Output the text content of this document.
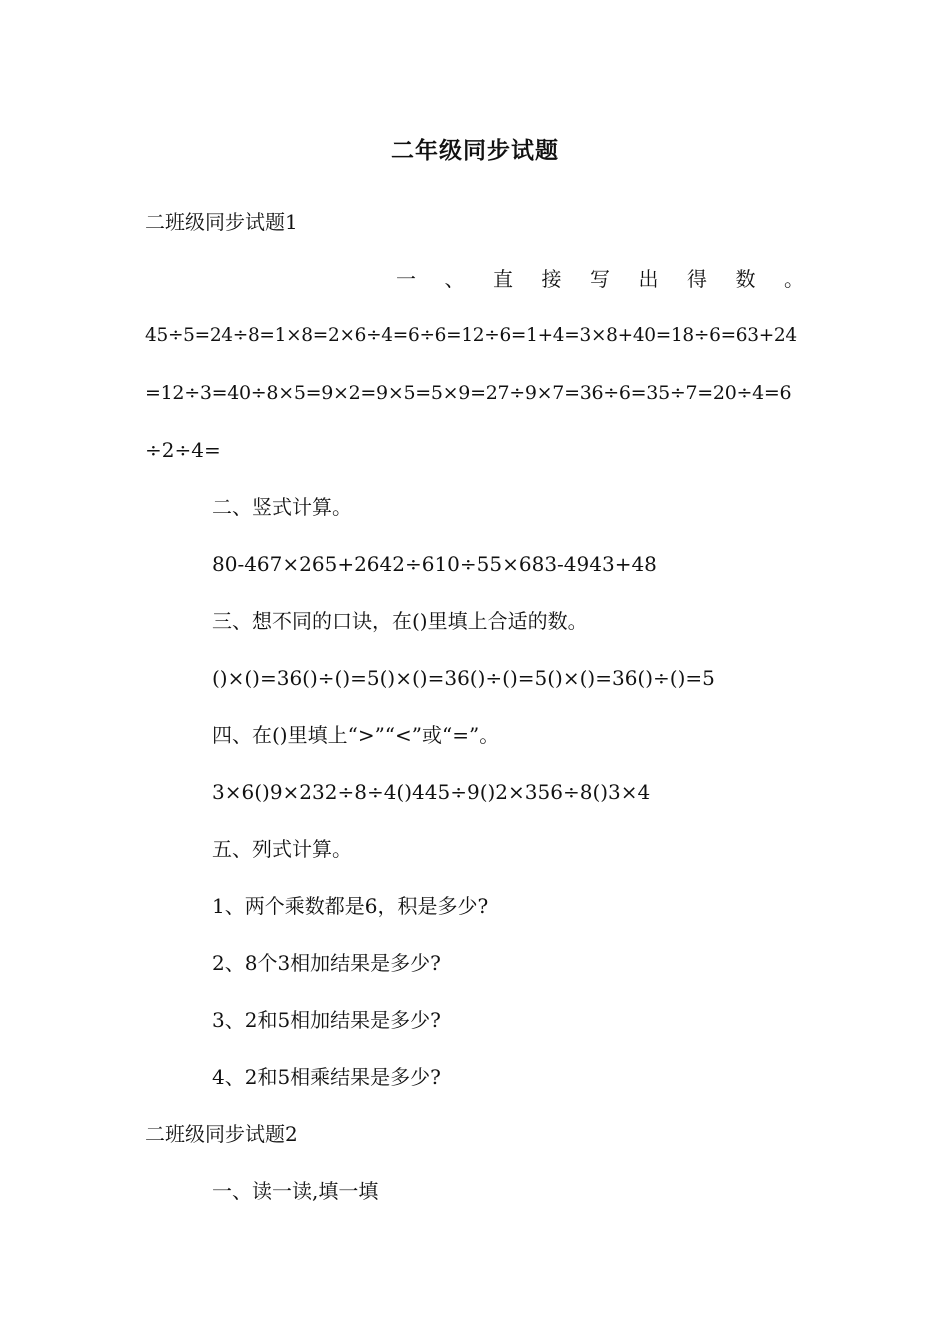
二年级同步试题
二班级同步试题1
一 、 直 接 写 出 得 数 。
45÷5=24÷8=1×8=2×6÷4=6÷6=12÷6=1+4=3×8+40=18÷6=63+24
=12÷3=40÷8×5=9×2=9×5=5×9=27÷9×7=36÷6=35÷7=20÷4=6
÷2÷4=
二、竖式计算。
80-467×265+2642÷610÷55×683-4943+48
三、想不同的口诀，在()里填上合适的数。
()×()=36()÷()=5()×()=36()÷()=5()×()=36()÷()=5
四、在()里填上“>”“<”或“=”。
3×6()9×232÷8÷4()445÷9()2×356÷8()3×4
五、列式计算。
1、两个乘数都是6，积是多少?
2、8个3相加结果是多少?
3、2和5相加结果是多少?
4、2和5相乘结果是多少?
二班级同步试题2
一、读一读,填一填
